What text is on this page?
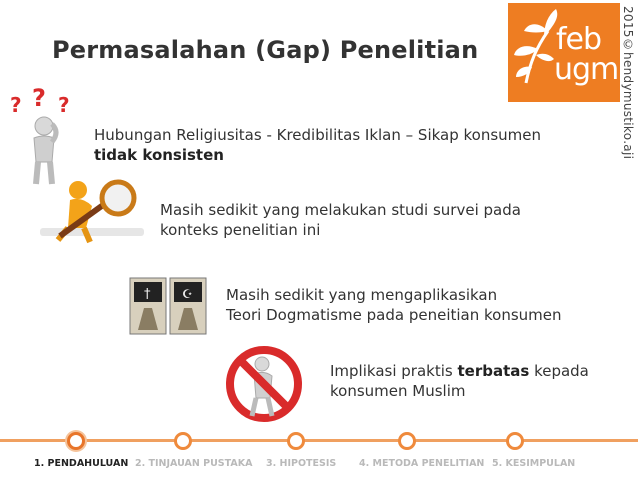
Permasalahan (Gap) Penelitian	feb
ugm 2015©hendymustiko.aji
? ? ?
Hubungan Religiusitas - Kredibilitas Iklan – Sikap konsumen
tidak konsisten
Masih sedikit yang melakukan studi survei pada
konteks penelitian ini
†	☪ Masih sedikit yang mengaplikasikan
Teori Dogmatisme pada peneitian konsumen
Implikasi praktis terbatas kepada
konsumen Muslim
1. PENDAHULUAN 2. TINJAUAN PUSTAKA 3. HIPOTESIS 4. METODA PENELITIAN 5. KESIMPULAN
